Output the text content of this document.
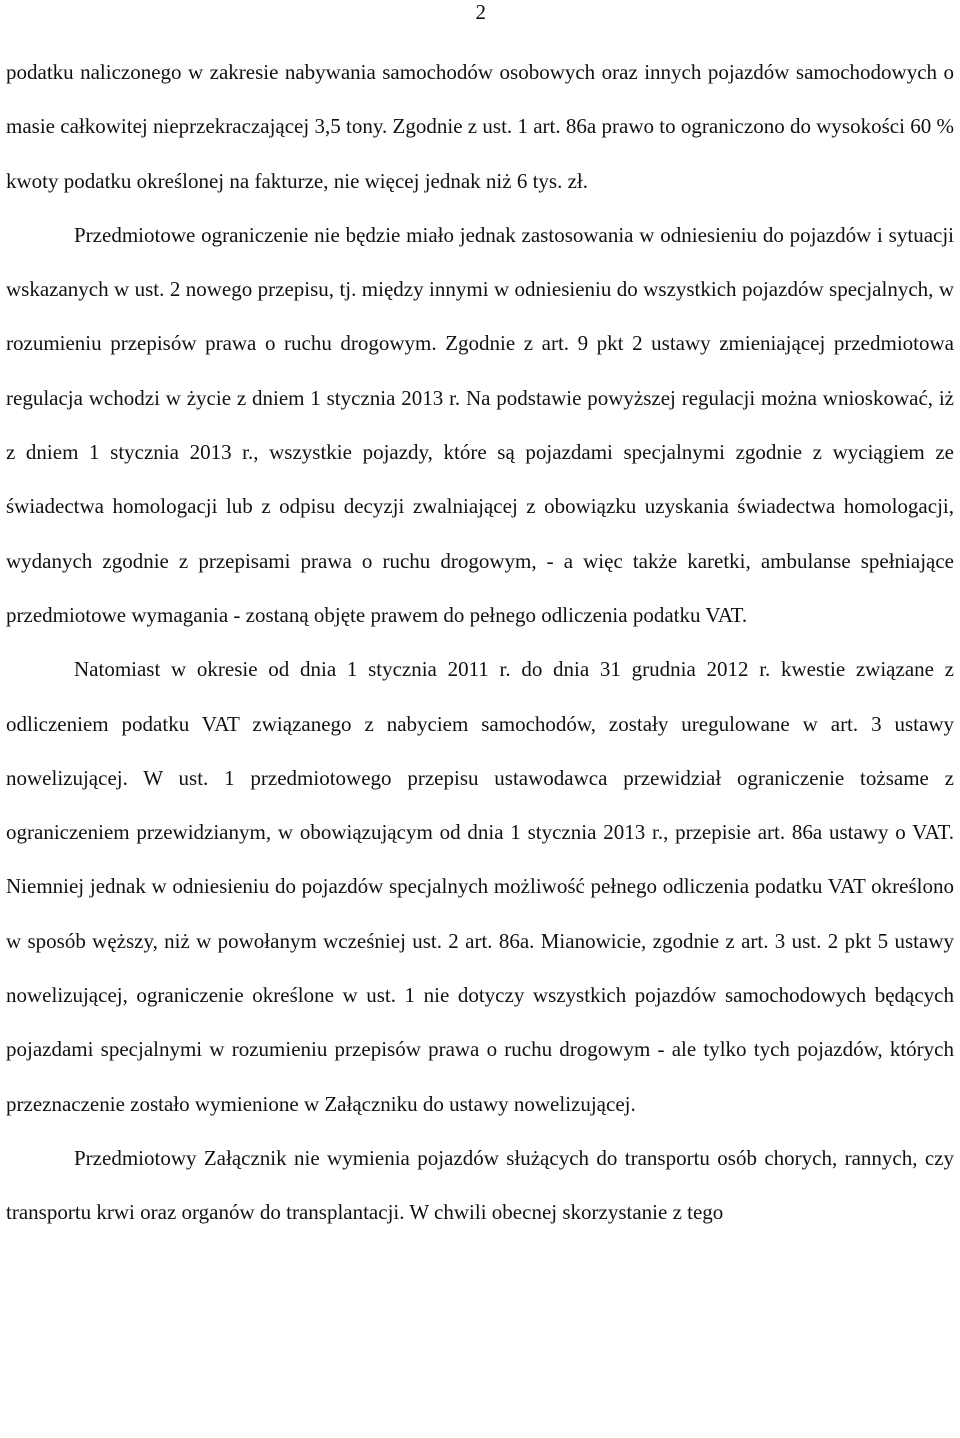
2

podatku naliczonego w zakresie nabywania samochodów osobowych oraz innych pojazdów samochodowych o masie całkowitej nieprzekraczającej 3,5 tony. Zgodnie z ust. 1 art. 86a prawo to ograniczono do wysokości 60 % kwoty podatku określonej na fakturze, nie więcej jednak niż 6 tys. zł.

Przedmiotowe ograniczenie nie będzie miało jednak zastosowania w odniesieniu do pojazdów i sytuacji wskazanych w ust. 2 nowego przepisu, tj. między innymi w odniesieniu do wszystkich pojazdów specjalnych, w rozumieniu przepisów prawa o ruchu drogowym. Zgodnie z art. 9 pkt 2 ustawy zmieniającej przedmiotowa regulacja wchodzi w życie z dniem 1 stycznia 2013 r. Na podstawie powyższej regulacji można wnioskować, iż z dniem 1 stycznia 2013 r., wszystkie pojazdy, które są pojazdami specjalnymi zgodnie z wyciągiem ze świadectwa homologacji lub z odpisu decyzji zwalniającej z obowiązku uzyskania świadectwa homologacji, wydanych zgodnie z przepisami prawa o ruchu drogowym, - a więc także karetki, ambulanse spełniające przedmiotowe wymagania - zostaną objęte prawem do pełnego odliczenia podatku VAT.

Natomiast w okresie od dnia 1 stycznia 2011 r. do dnia 31 grudnia 2012 r. kwestie związane z odliczeniem podatku VAT związanego z nabyciem samochodów, zostały uregulowane w art. 3 ustawy nowelizującej. W ust. 1 przedmiotowego przepisu ustawodawca przewidział ograniczenie tożsame z ograniczeniem przewidzianym, w obowiązującym od dnia 1 stycznia 2013 r., przepisie art. 86a ustawy o VAT. Niemniej jednak w odniesieniu do pojazdów specjalnych możliwość pełnego odliczenia podatku VAT określono w sposób węższy, niż w powołanym wcześniej ust. 2 art. 86a. Mianowicie, zgodnie z art. 3 ust. 2 pkt 5 ustawy nowelizującej, ograniczenie określone w ust. 1 nie dotyczy wszystkich pojazdów samochodowych będących pojazdami specjalnymi w rozumieniu przepisów prawa o ruchu drogowym - ale tylko tych pojazdów, których przeznaczenie zostało wymienione w Załączniku do ustawy nowelizującej.

Przedmiotowy Załącznik nie wymienia pojazdów służących do transportu osób chorych, rannych, czy transportu krwi oraz organów do transplantacji. W chwili obecnej skorzystanie z tego
